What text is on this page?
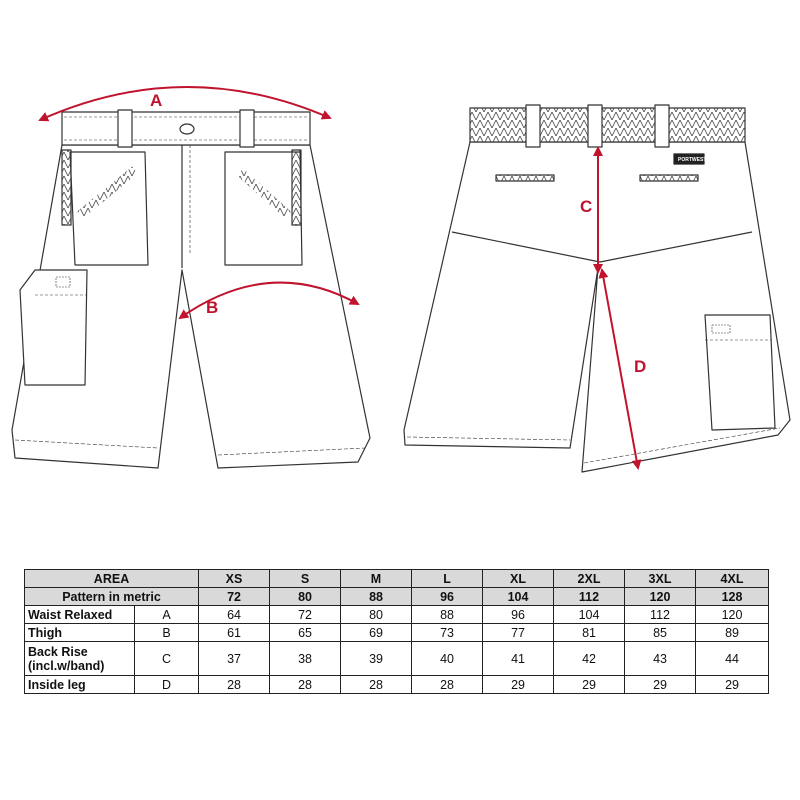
PORTWEST
A
B
C
D
AREA		XS	S	M	L	XL	2XL	3XL	4XL
Pattern in metric		72	80	88	96	104	112	120	128
Waist Relaxed	A	64	72	80	88	96	104	112	120
Thigh	B	61	65	69	73	77	81	85	89
Back Rise
(incl.w/band)	C	37	38	39	40	41	42	43	44
Inside leg	D	28	28	28	28	29	29	29	29
